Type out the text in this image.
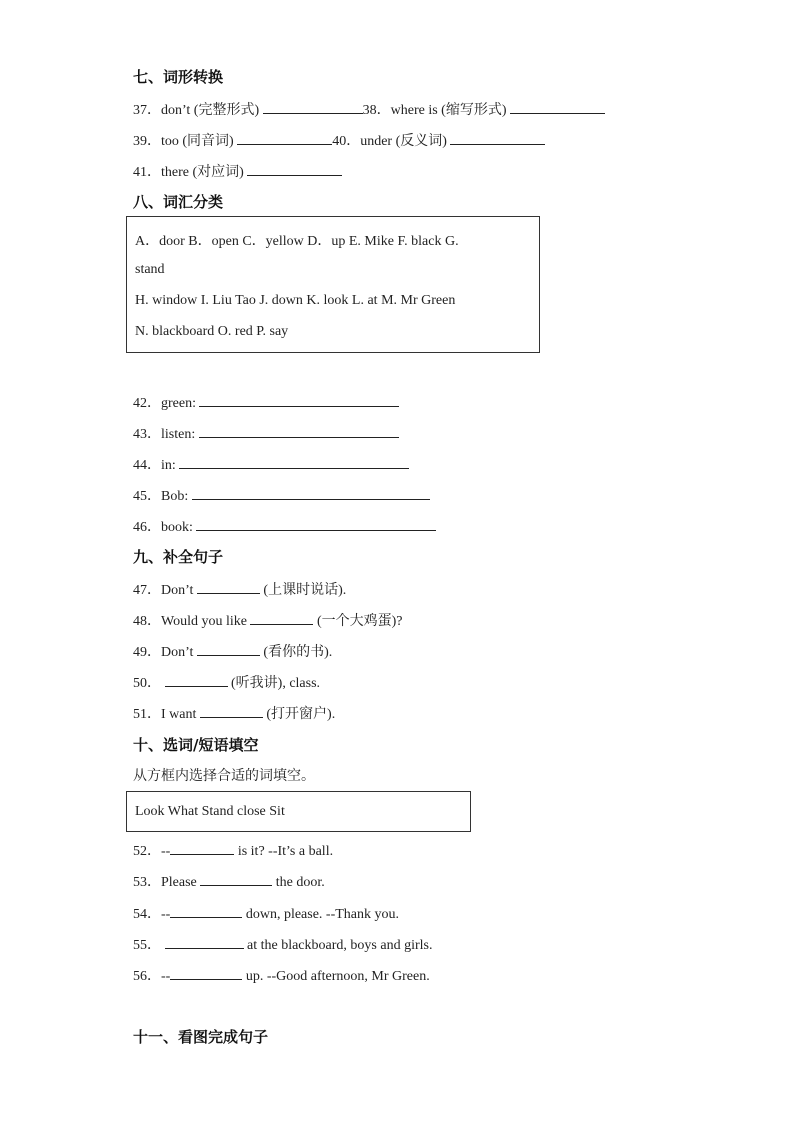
七、词形转换
37．don’t (完整形式)	38．where is (缩写形式)
39．too (同音词)	40．under (反义词)
41．there (对应词)
八、词汇分类
A．door B．open C．yellow D．up E. Mike F. black G.
stand
H. window I. Liu Tao J. down K. look L. at M. Mr Green
N. blackboard O. red P. say
42．green:
43．listen:
44．in:
45．Bob:
46．book:
九、补全句子
47．Don’t	(上课时说话).
48．Would you like	(一个大鸡蛋)?
49．Don’t	(看你的书).
50．	(听我讲), class.
51．I want	(打开窗户).
十、选词/短语填空
从方框内选择合适的词填空。
Look What Stand close Sit
52．--	is it? --It’s a ball.
53．Please	the door.
54．--	down, please. --Thank you.
55．	at the blackboard, boys and girls.
56．--	up. --Good afternoon, Mr Green.
十一、看图完成句子
